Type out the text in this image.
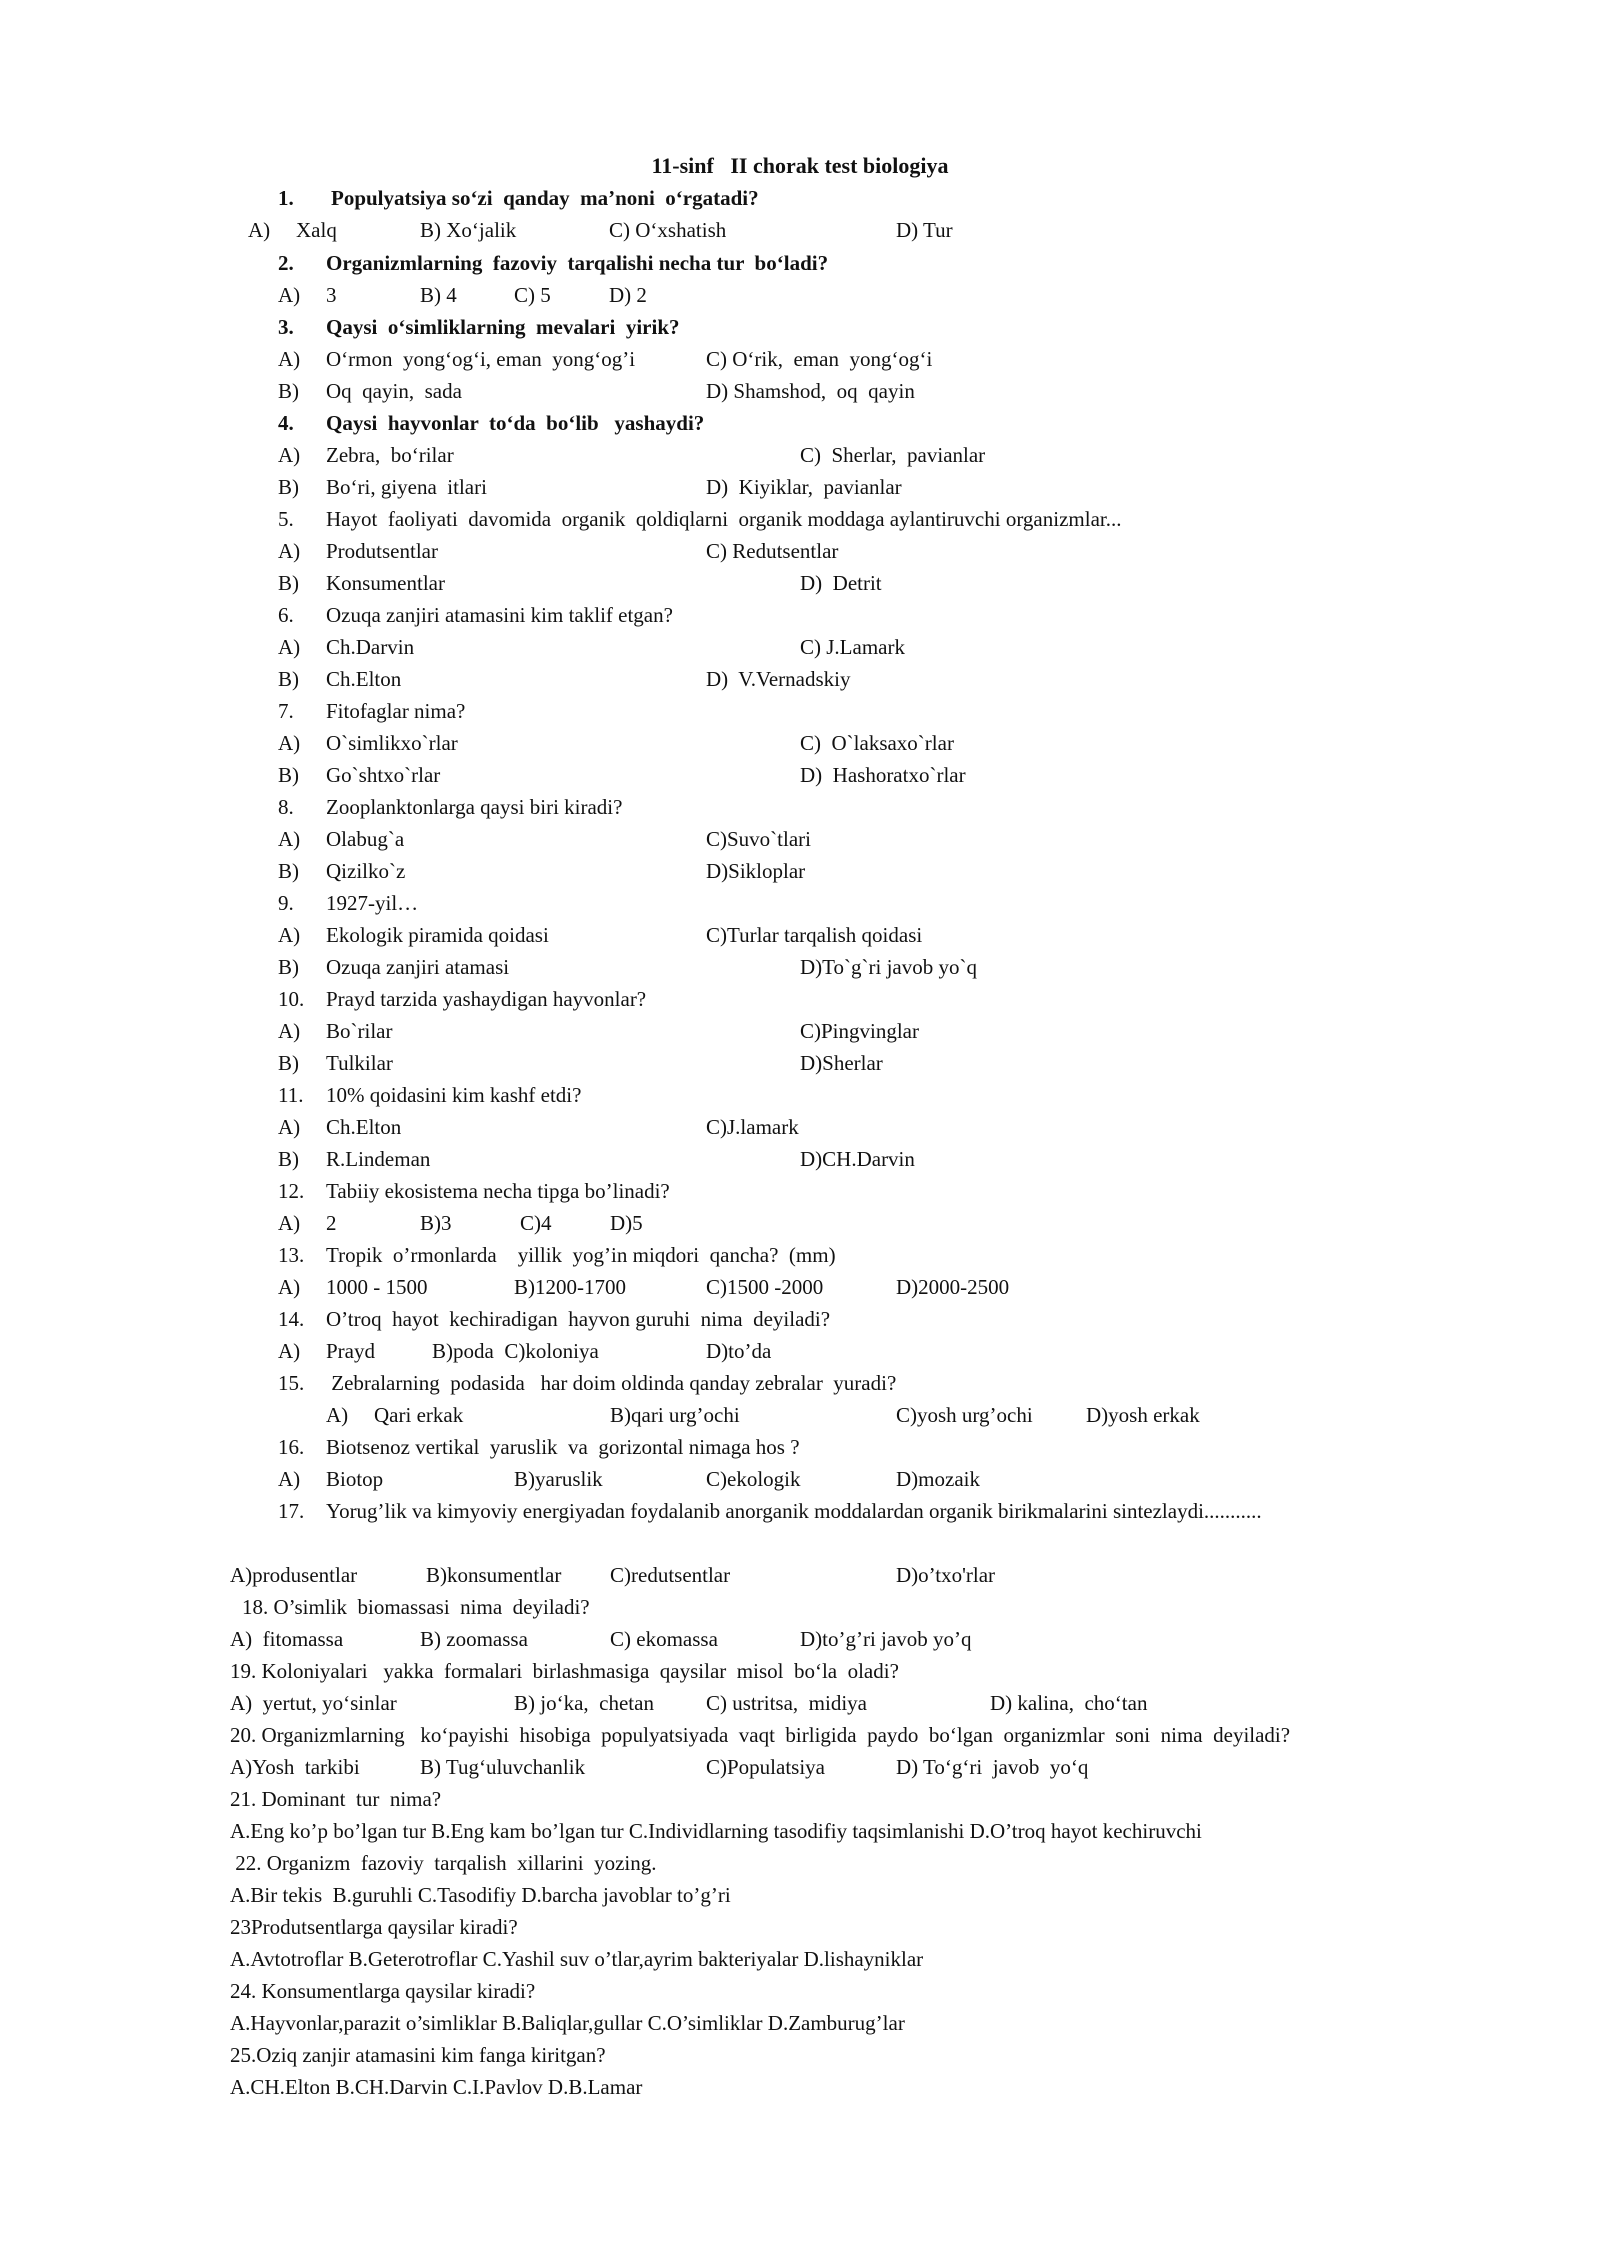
11-sinf   II chorak test biologiya
1. Populyatsiya so‘zi  qanday  ma’noni  o‘rgatadi?
A) Xalq	B) Xo‘jalik	C) O‘xshatish	D) Tur
2. Organizmlarning  fazoviy  tarqalishi necha tur  bo‘ladi?
A) 3	B) 4	C) 5	D) 2
3. Qaysi  o‘simliklarning  mevalari  yirik?
A) O‘rmon  yong‘og‘i, eman  yong‘og’i	C) O‘rik,  eman  yong‘og‘i
B) Oq  qayin,  sada	D) Shamshod,  oq  qayin
4. Qaysi  hayvonlar  to‘da  bo‘lib   yashaydi?
A) Zebra,  bo‘rilar	C)  Sherlar,  pavianlar
B) Bo‘ri, giyena  itlari	D)  Kiyiklar,  pavianlar
5. Hayot  faoliyati  davomida  organik  qoldiqlarni  organik moddaga aylantiruvchi organizmlar...
A) Produtsentlar	C) Redutsentlar
B) Konsumentlar	D)  Detrit
6. Ozuqa zanjiri atamasini kim taklif etgan?
A) Ch.Darvin	C) J.Lamark
B) Ch.Elton	D)  V.Vernadskiy
7. Fitofaglar nima?
A) O`simlikxo`rlar	C)  O`laksaxo`rlar
B) Go`shtxo`rlar	D)  Hashoratxo`rlar
8. Zooplanktonlarga qaysi biri kiradi?
A) Olabug`a	C)Suvo`tlari
B) Qizilko`z	D)Sikloplar
9. 1927-yil…
A) Ekologik piramida qoidasi	C)Turlar tarqalish qoidasi
B) Ozuqa zanjiri atamasi	D)To`g`ri javob yo`q
10. Prayd tarzida yashaydigan hayvonlar?
A) Bo`rilar	C)Pingvinglar
B) Tulkilar	D)Sherlar
11. 10% qoidasini kim kashf etdi?
A) Ch.Elton	C)J.lamark
B) R.Lindeman	D)CH.Darvin
12. Tabiiy ekosistema necha tipga bo’linadi?
A) 2	B)3	C)4	D)5
13. Tropik  o’rmonlarda    yillik  yog’in miqdori  qancha?  (mm)
A) 1000 - 1500	B)1200-1700	C)1500 -2000	D)2000-2500
14. O’troq  hayot  kechiradigan  hayvon guruhi  nima  deyiladi?
A) Prayd	B)poda  C)koloniya	D)to’da
15. Zebralarning  podasida   har doim oldinda qanday zebralar  yuradi?
A) Qari erkak	B)qari urg’ochi	C)yosh urg’ochi	D)yosh erkak
16. Biotsenoz vertikal  yaruslik  va  gorizontal nimaga hos ?
A) Biotop	B)yaruslik	C)ekologik	D)mozaik
17. Yorug’lik va kimyoviy energiyadan foydalanib anorganik moddalardan organik birikmalarini sintezlaydi...........
A)produsentlar	B)konsumentlar C)redutsentlar	D)o’txo'rlar
18. O’simlik  biomassasi  nima  deyiladi?
A)  fitomassa	B) zoomassa	C) ekomassa	D)to’g’ri javob yo’q
19. Koloniyalari   yakka  formalari  birlashmasiga  qaysilar  misol  bo‘la  oladi?
A)  yertut, yo‘sinlar	B) jo‘ka,  chetan C) ustritsa,  midiya	D) kalina,  cho‘tan
20. Organizmlarning   ko‘payishi  hisobiga  populyatsiyada  vaqt  birligida  paydo  bo‘lgan  organizmlar  soni  nima  deyiladi?
A)Yosh  tarkibi	B) Tug‘uluvchanlik	C)Populatsiya	D) To‘g‘ri  javob  yo‘q
21. Dominant  tur  nima?
A.Eng ko’p bo’lgan tur B.Eng kam bo’lgan tur C.Individlarning tasodifiy taqsimlanishi D.O’troq hayot kechiruvchi
22. Organizm  fazoviy  tarqalish  xillarini  yozing.
A.Bir tekis  B.guruhli C.Tasodifiy D.barcha javoblar to’g’ri
23Produtsentlarga qaysilar kiradi?
A.Avtotroflar B.Geterotroflar C.Yashil suv o’tlar,ayrim bakteriyalar D.lishayniklar
24. Konsumentlarga qaysilar kiradi?
A.Hayvonlar,parazit o’simliklar B.Baliqlar,gullar C.O’simliklar D.Zamburug’lar
25.Oziq zanjir atamasini kim fanga kiritgan?
A.CH.Elton B.CH.Darvin C.I.Pavlov D.B.Lamar
